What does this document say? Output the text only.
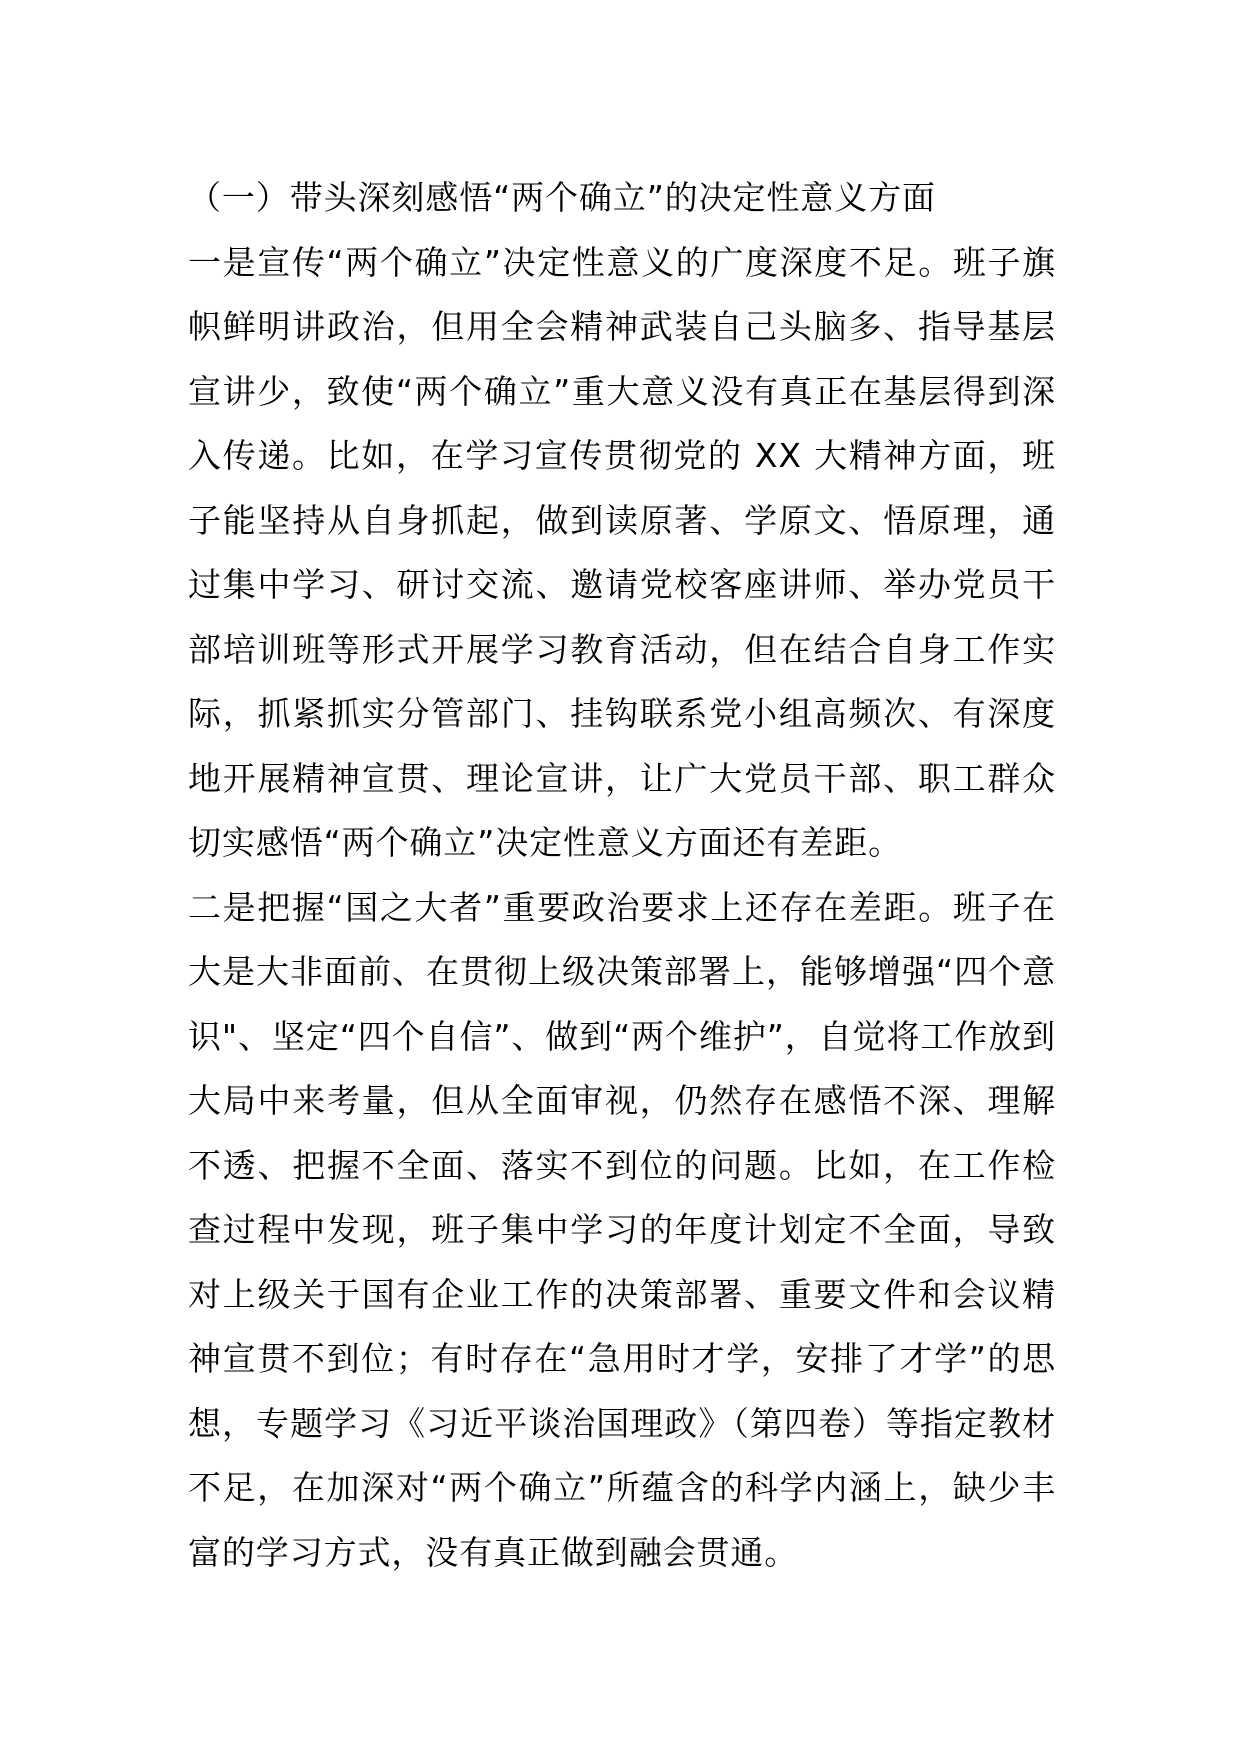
（一）带头深刻感悟“两个确立”的决定性意义方面

一是宣传“两个确立”决定性意义的广度深度不足。班子旗帜鲜明讲政治，但用全会精神武装自己头脑多、指导基层宣讲少，致使“两个确立”重大意义没有真正在基层得到深入传递。比如，在学习宣传贯彻党的 XX 大精神方面，班子能坚持从自身抓起，做到读原著、学原文、悟原理，通过集中学习、研讨交流、邀请党校客座讲师、举办党员干部培训班等形式开展学习教育活动，但在结合自身工作实际，抓紧抓实分管部门、挂钩联系党小组高频次、有深度地开展精神宣贯、理论宣讲，让广大党员干部、职工群众切实感悟“两个确立”决定性意义方面还有差距。

二是把握“国之大者”重要政治要求上还存在差距。班子在大是大非面前、在贯彻上级决策部署上，能够增强“四个意识"、坚定“四个自信”、做到“两个维护”，自觉将工作放到大局中来考量，但从全面审视，仍然存在感悟不深、理解不透、把握不全面、落实不到位的问题。比如，在工作检查过程中发现，班子集中学习的年度计划定不全面，导致对上级关于国有企业工作的决策部署、重要文件和会议精神宣贯不到位；有时存在“急用时才学，安排了才学”的思想，专题学习《习近平谈治国理政》（第四卷）等指定教材不足，在加深对“两个确立”所蕴含的科学内涵上，缺少丰富的学习方式，没有真正做到融会贯通。
